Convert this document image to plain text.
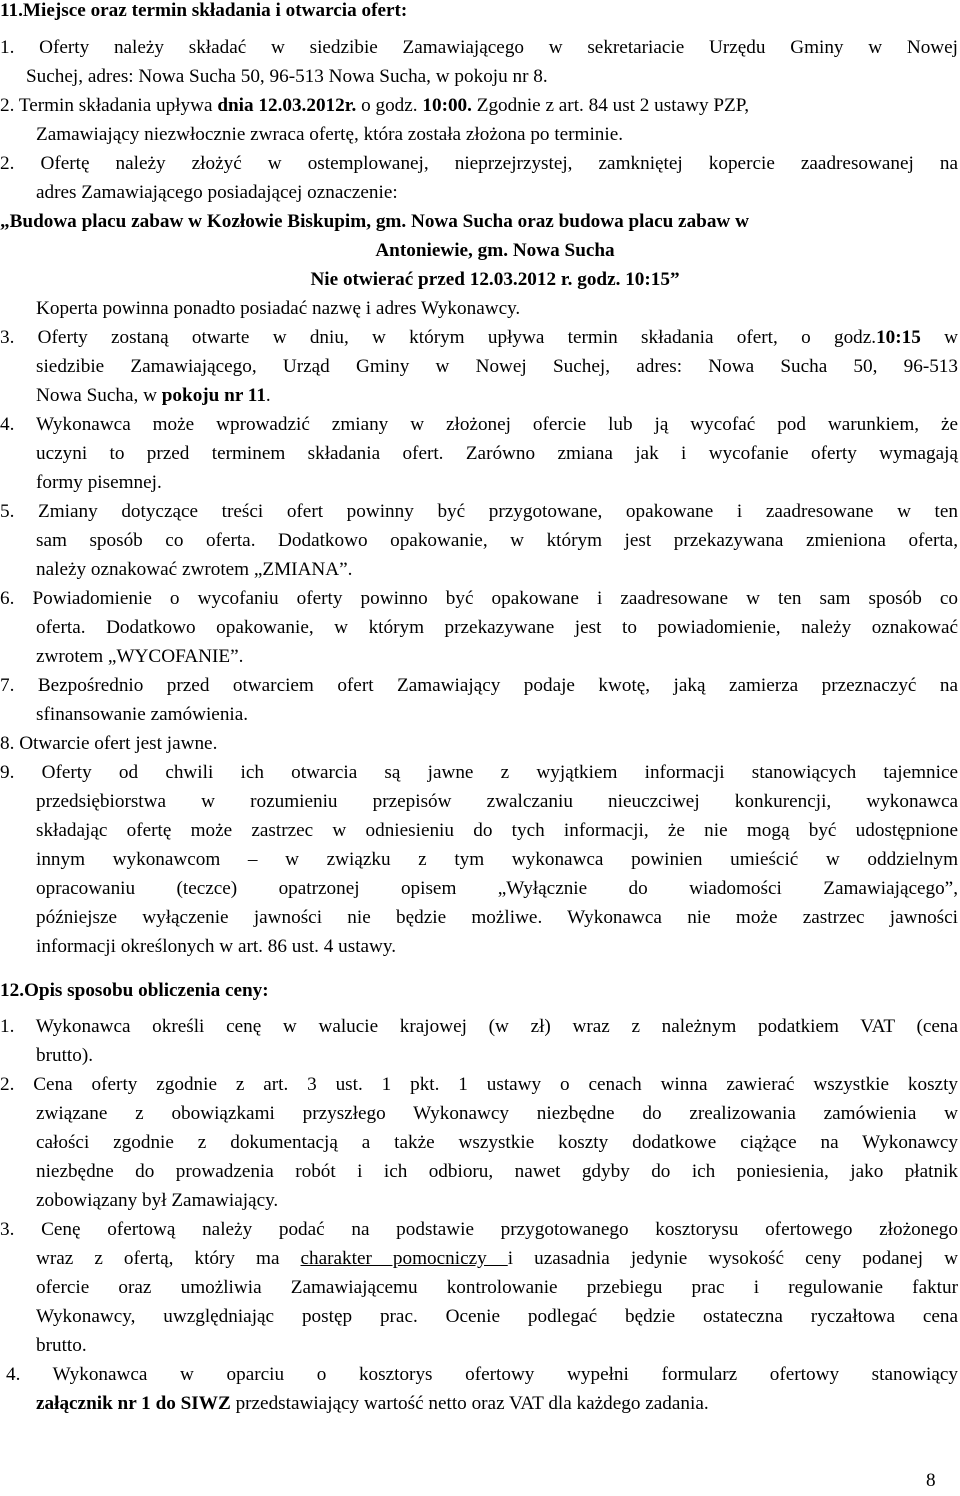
11.Miejsce oraz termin składania i otwarcia ofert:
1. Oferty należy składać w siedzibie Zamawiającego w sekretariacie Urzędu Gminy w Nowej
Suchej, adres: Nowa Sucha 50, 96-513 Nowa Sucha, w pokoju nr 8.
2. Termin składania upływa dnia 12.03.2012r. o godz. 10:00. Zgodnie z art. 84 ust 2 ustawy PZP,
Zamawiający niezwłocznie zwraca ofertę, która została złożona po terminie.
2. Ofertę należy złożyć w ostemplowanej, nieprzejrzystej, zamkniętej kopercie zaadresowanej na
adres Zamawiającego posiadającej oznaczenie:
„Budowa placu zabaw w Kozłowie Biskupim, gm. Nowa Sucha oraz budowa placu zabaw w
Antoniewie, gm. Nowa Sucha
Nie otwierać przed 12.03.2012 r. godz. 10:15”
Koperta powinna ponadto posiadać nazwę i adres Wykonawcy.
3. Oferty zostaną otwarte w dniu, w którym upływa termin składania ofert, o godz.10:15 w
siedzibie Zamawiającego, Urząd Gminy w Nowej Suchej, adres: Nowa Sucha 50, 96-513
Nowa Sucha, w pokoju nr 11.
4. Wykonawca może wprowadzić zmiany w złożonej ofercie lub ją wycofać pod warunkiem, że
uczyni to przed terminem składania ofert. Zarówno zmiana jak i wycofanie oferty wymagają
formy pisemnej.
5. Zmiany dotyczące treści ofert powinny być przygotowane, opakowane i zaadresowane w ten
sam sposób co oferta. Dodatkowo opakowanie, w którym jest przekazywana zmieniona oferta,
należy oznakować zwrotem „ZMIANA”.
6. Powiadomienie o wycofaniu oferty powinno być opakowane i zaadresowane w ten sam sposób co
oferta. Dodatkowo opakowanie, w którym przekazywane jest to powiadomienie, należy oznakować
zwrotem „WYCOFANIE”.
7. Bezpośrednio przed otwarciem ofert Zamawiający podaje kwotę, jaką zamierza przeznaczyć na
sfinansowanie zamówienia.
8. Otwarcie ofert jest jawne.
9. Oferty od chwili ich otwarcia są jawne z wyjątkiem informacji stanowiących tajemnice
przedsiębiorstwa w rozumieniu przepisów zwalczaniu nieuczciwej konkurencji, wykonawca
składając ofertę może zastrzec w odniesieniu do tych informacji, że nie mogą być udostępnione
innym wykonawcom – w związku z tym wykonawca powinien umieścić w oddzielnym
opracowaniu (teczce) opatrzonej opisem „Wyłącznie do wiadomości Zamawiającego”,
późniejsze wyłączenie jawności nie będzie możliwe. Wykonawca nie może zastrzec jawności
informacji określonych w art. 86 ust. 4 ustawy.
12.Opis sposobu obliczenia ceny:
1. Wykonawca określi cenę w walucie krajowej (w zł) wraz z należnym podatkiem VAT (cena
brutto).
2. Cena oferty zgodnie z art. 3 ust. 1 pkt. 1 ustawy o cenach winna zawierać wszystkie koszty
związane z obowiązkami przyszłego Wykonawcy niezbędne do zrealizowania zamówienia w
całości zgodnie z dokumentacją a także wszystkie koszty dodatkowe ciążące na Wykonawcy
niezbędne do prowadzenia robót i ich odbioru, nawet gdyby do ich poniesienia, jako płatnik
zobowiązany był Zamawiający.
3. Cenę ofertową należy podać na podstawie przygotowanego kosztorysu ofertowego złożonego
wraz z ofertą, który ma charakter pomocniczy i uzasadnia jedynie wysokość ceny podanej w
ofercie oraz umożliwia Zamawiającemu kontrolowanie przebiegu prac i regulowanie faktur
Wykonawcy, uwzględniając postęp prac. Ocenie podlegać będzie ostateczna ryczałtowa cena
brutto.
4. Wykonawca w oparciu o kosztorys ofertowy wypełni formularz ofertowy stanowiący
załącznik nr 1 do SIWZ przedstawiający wartość netto oraz VAT dla każdego zadania.
8
